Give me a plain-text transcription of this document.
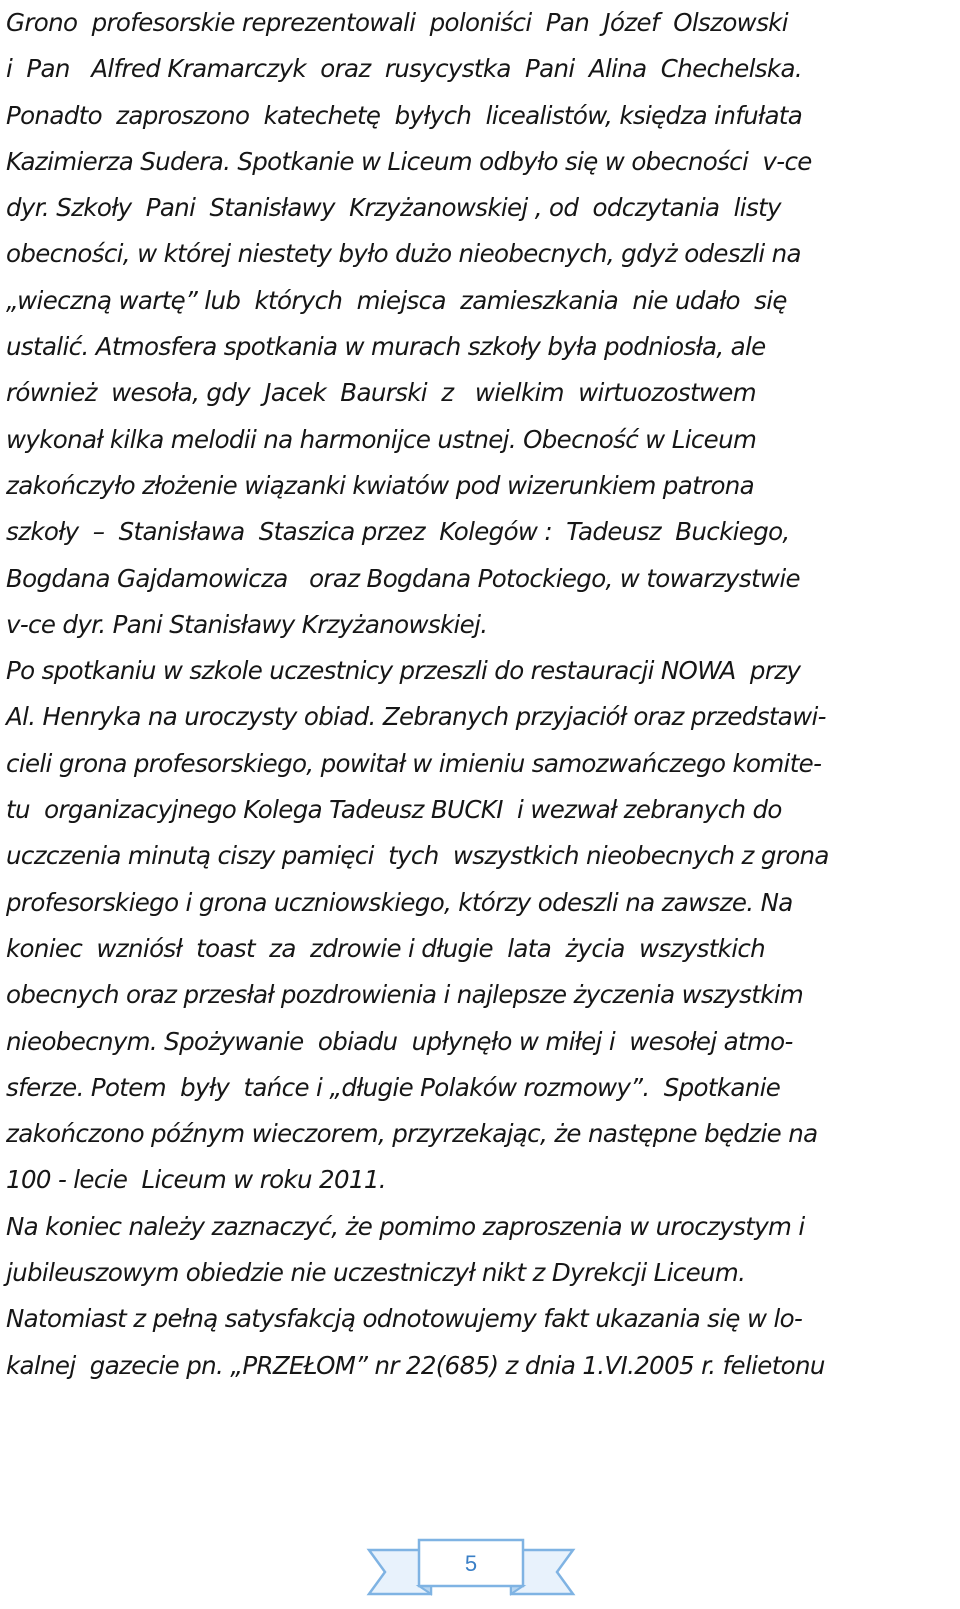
Grono  profesorskie reprezentowali  poloniści  Pan  Józef  Olszowski
i  Pan   Alfred Kramarczyk  oraz  rusycystka  Pani  Alina  Chechelska.
Ponadto  zaproszono  katechetę  byłych  licealistów, księdza infułata
Kazimierza Sudera. Spotkanie w Liceum odbyło się w obecności  v-ce
dyr. Szkoły  Pani  Stanisławy  Krzyżanowskiej , od  odczytania  listy
obecności, w której niestety było dużo nieobecnych, gdyż odeszli na
„wieczną wartę” lub  których  miejsca  zamieszkania  nie udało  się
ustalić. Atmosfera spotkania w murach szkoły była podniosła, ale
również  wesoła, gdy  Jacek  Baurski  z   wielkim  wirtuozostwem
wykonał kilka melodii na harmonijce ustnej. Obecność w Liceum
zakończyło złożenie wiązanki kwiatów pod wizerunkiem patrona
szkoły  –  Stanisława  Staszica przez  Kolegów :  Tadeusz  Buckiego,
Bogdana Gajdamowicza   oraz Bogdana Potockiego, w towarzystwie
v-ce dyr. Pani Stanisławy Krzyżanowskiej.
Po spotkaniu w szkole uczestnicy przeszli do restauracji NOWA  przy
Al. Henryka na uroczysty obiad. Zebranych przyjaciół oraz przedstawi-
cieli grona profesorskiego, powitał w imieniu samozwańczego komite-
tu  organizacyjnego Kolega Tadeusz BUCKI  i wezwał zebranych do
uczczenia minutą ciszy pamięci  tych  wszystkich nieobecnych z grona
profesorskiego i grona uczniowskiego, którzy odeszli na zawsze. Na
koniec  wzniósł  toast  za  zdrowie i długie  lata  życia  wszystkich
obecnych oraz przesłał pozdrowienia i najlepsze życzenia wszystkim
nieobecnym. Spożywanie  obiadu  upłynęło w miłej i  wesołej atmo-
sferze. Potem  były  tańce i „długie Polaków rozmowy”.  Spotkanie
zakończono późnym wieczorem, przyrzekając, że następne będzie na
100 - lecie  Liceum w roku 2011.
Na koniec należy zaznaczyć, że pomimo zaproszenia w uroczystym i
jubileuszowym obiedzie nie uczestniczył nikt z Dyrekcji Liceum.
Natomiast z pełną satysfakcją odnotowujemy fakt ukazania się w lo-
kalnej  gazecie pn. „PRZEŁOM” nr 22(685) z dnia 1.VI.2005 r. felietonu
5
